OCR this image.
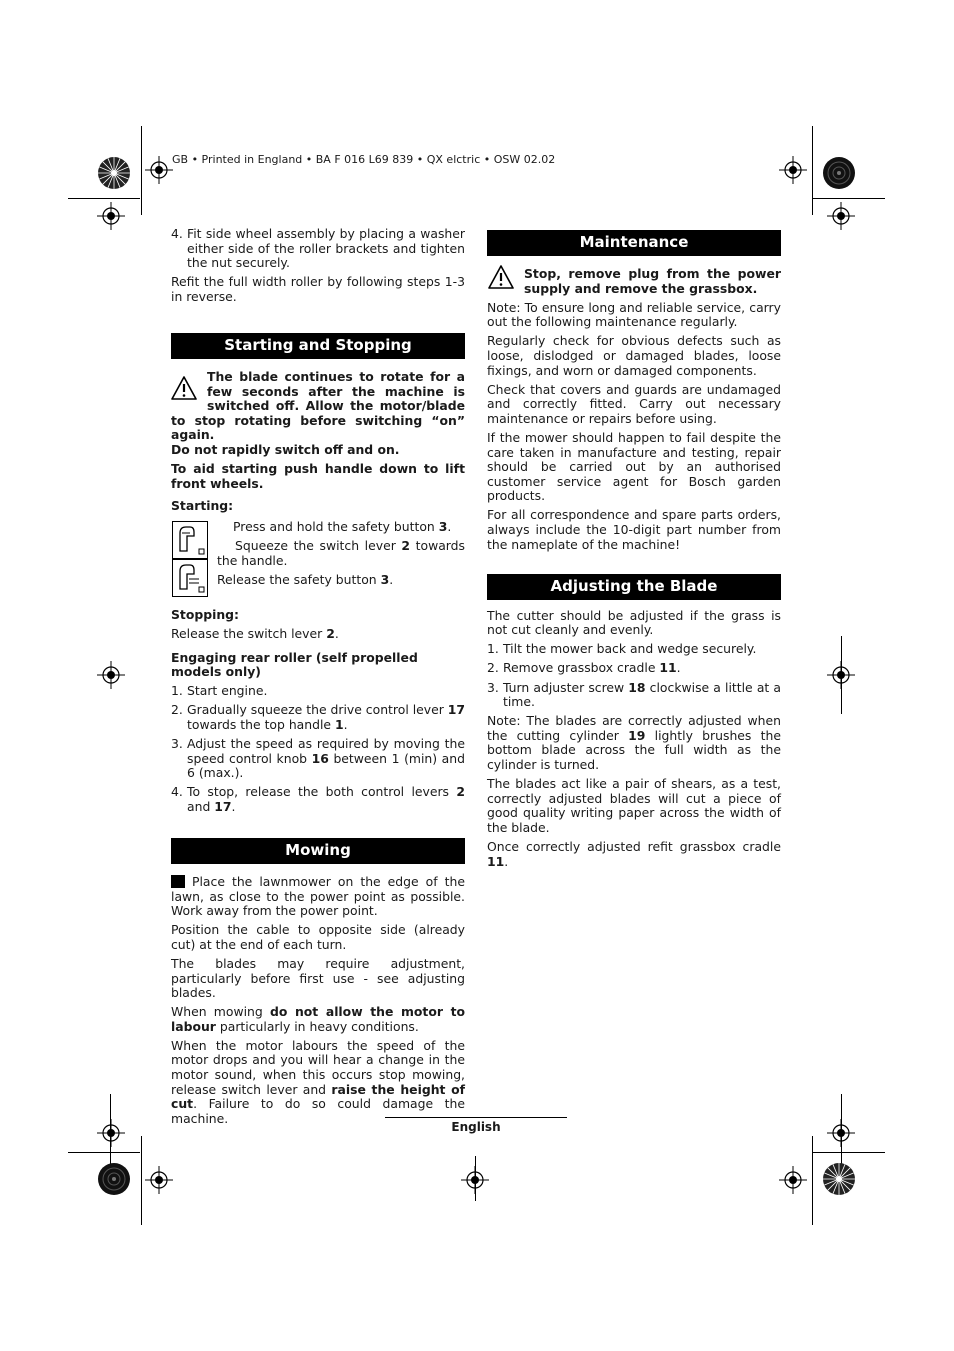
GB • Printed in England • BA F 016 L69 839 • QX elctric • OSW 02.02
4. Fit side wheel assembly by placing a washer either side of the roller brackets and tighten the nut securely.

Refit the full width roller by following steps 1-3 in reverse.

Starting and Stopping
The blade continues to rotate for a few seconds after the machine is switched off. Allow the motor/blade to stop rotating before switching “on” again.

Do not rapidly switch off and on.

To aid starting push handle down to lift front wheels.

Starting:

Press and hold the safety button 3.
Squeeze the switch lever 2 towards the handle.
Release the safety button 3.

Stopping:

Release the switch lever 2.

Engaging rear roller (self propelled models only)

1. Start engine.
2. Gradually squeeze the drive control lever 17 towards the top handle 1.
3. Adjust the speed as required by moving the speed control knob 16 between 1 (min) and 6 (max.).
4. To stop, release the both control levers 2 and 17.
Mowing

Place the lawnmower on the edge of the lawn, as close to the power point as possible. Work away from the power point.

Position the cable to opposite side (already cut) at the end of each turn.

The blades may require adjustment, particularly before first use - see adjusting blades.

When mowing do not allow the motor to labour particularly in heavy conditions.

When the motor labours the speed of the motor drops and you will hear a change in the motor sound, when this occurs stop mowing, release switch lever and raise the height of cut. Failure to do so could damage the machine.

Maintenance
Stop, remove plug from the power supply and remove the grassbox.

Note: To ensure long and reliable service, carry out the following maintenance regularly.

Regularly check for obvious defects such as loose, dislodged or damaged blades, loose fixings, and worn or damaged components.

Check that covers and guards are undamaged and correctly fitted. Carry out necessary maintenance or repairs before using.

If the mower should happen to fail despite the care taken in manufacture and testing, repair should be carried out by an authorised customer service agent for Bosch garden products.

For all correspondence and spare parts orders, always include the 10-digit part number from the nameplate of the machine!

Adjusting the Blade

The cutter should be adjusted if the grass is not cut cleanly and evenly.

1. Tilt the mower back and wedge securely.
2. Remove grassbox cradle 11.
3. Turn adjuster screw 18 clockwise a little at a time.

Note: The blades are correctly adjusted when the cutting cylinder 19 lightly brushes the bottom blade across the full width as the cylinder is turned.

The blades act like a pair of shears, as a test, correctly adjusted blades will cut a piece of good quality writing paper across the width of the blade.

Once correctly adjusted refit grassbox cradle 11.

English
